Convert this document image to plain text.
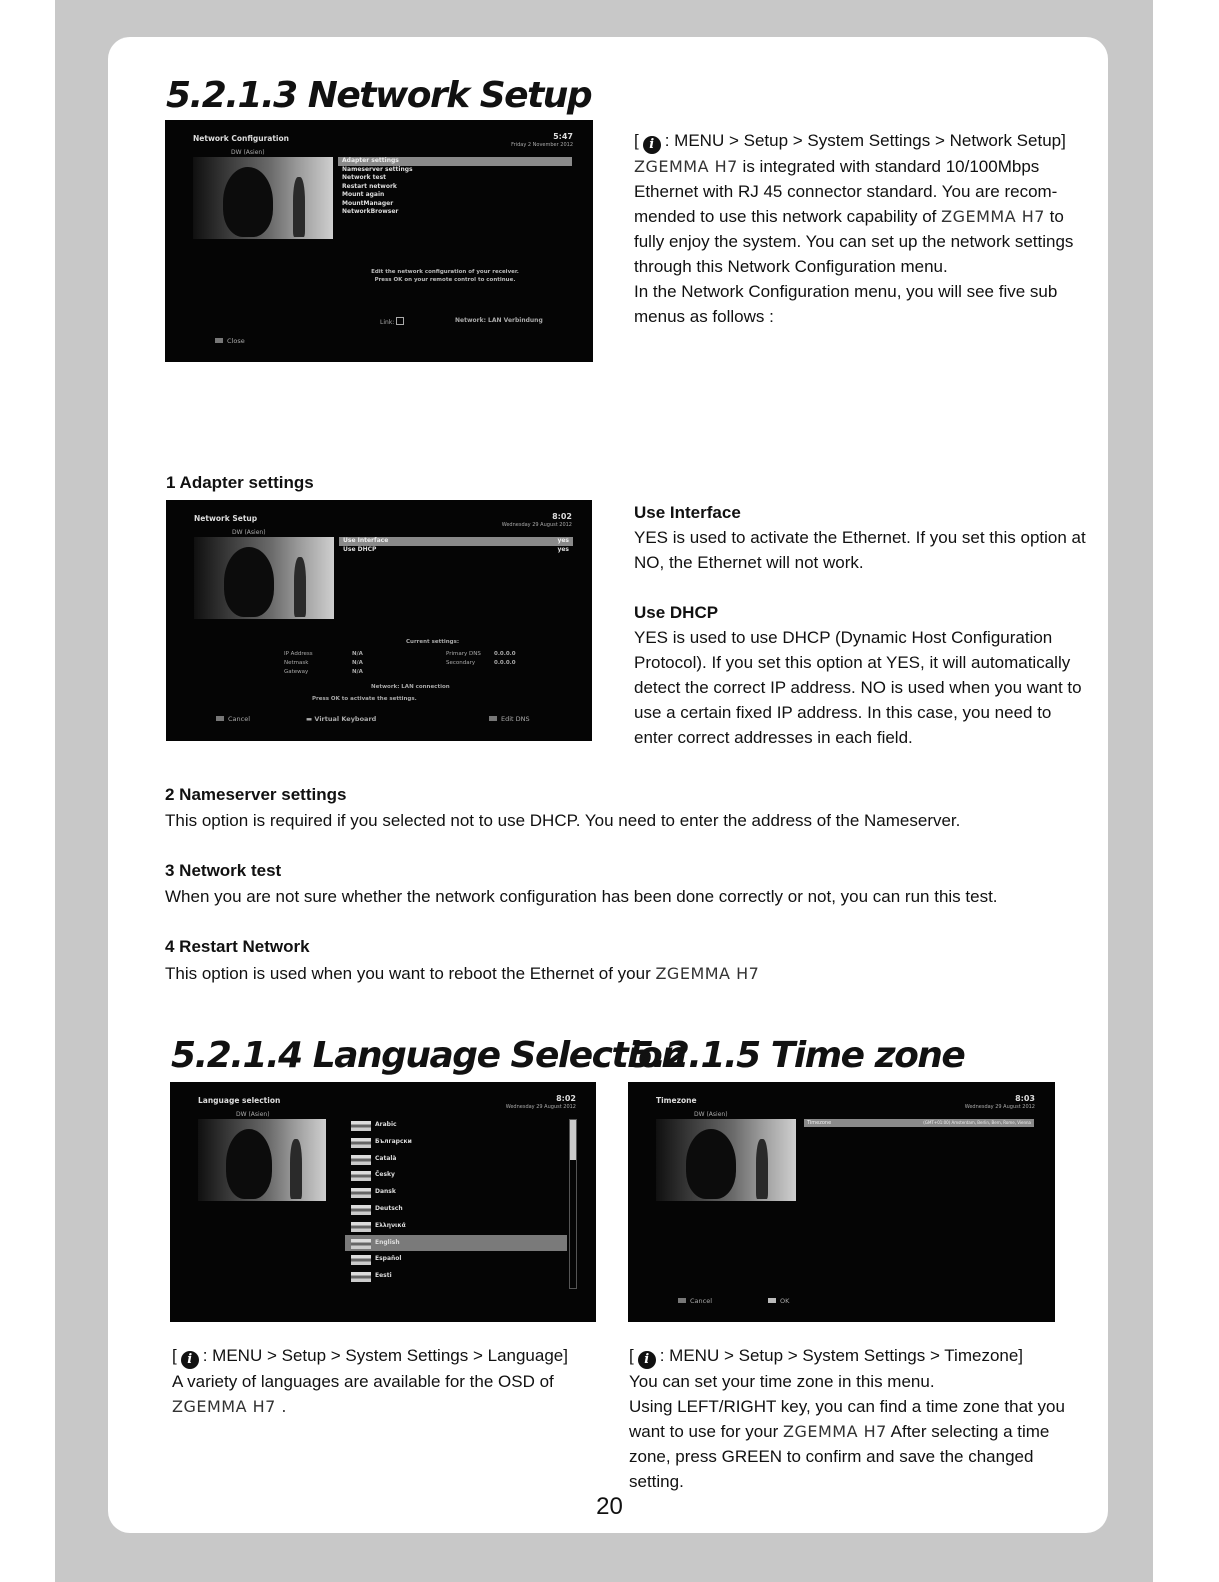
5.2.1.3 Network Setup
Network Configuration
DW (Asien)
5:47
Friday 2 November 2012
Adapter settings
Nameserver settings
Network test
Restart network
Mount again
MountManager
NetworkBrowser
Edit the network configuration of your receiver.
Press OK on your remote control to continue.
Link:	Network: LAN Verbindung
Close

[ i : MENU > Setup > System Settings > Network Setup]

ZGEMMA H7 is integrated with standard 10/100Mbps Ethernet with RJ 45 connector standard. You are recom-mended to use this network capability of ZGEMMA H7 to fully enjoy the system. You can set up the network settings through this Network Configuration menu.

In the Network Configuration menu, you will see five sub menus as follows :

1 Adapter settings
Network Setup
DW (Asien)
8:02
Wednesday 29 August 2012
Use Interface	yes
Use DHCP	yes
Current settings:
IP Address	N/A
Netmask	N/A
Gateway	N/A
Primary DNS 0.0.0.0
Secondary	0.0.0.0
Network: LAN connection
Press OK to activate the settings.
Cancel	▬ Virtual Keyboard	Edit DNS

Use Interface

YES is used to activate the Ethernet. If you set this option at NO, the Ethernet will not work.

Use DHCP

YES is used to use DHCP (Dynamic Host Configuration Protocol). If you set this option at YES, it will automatically detect the correct IP address. NO is used when you want to use a certain fixed IP address. In this case, you need to enter correct addresses in each field.

2 Nameserver settings
This option is required if you selected not to use DHCP. You need to enter the address of the Nameserver.
3 Network test
When you are not sure whether the network configuration has been done correctly or not, you can run this test.
4 Restart Network
This option is used when you want to reboot the Ethernet of your ZGEMMA H7
5.2.1.4 Language Selection
Language selection
DW (Asien)
8:02
Wednesday 29 August 2012
Arabic
Български
Català
Česky
Dansk
Deutsch
Ελληνικά
English
Español
Eesti

[ i : MENU > Setup > System Settings > Language]

A variety of languages are available for the OSD of

ZGEMMA H7 .

5.2.1.5 Time zone
Timezone
DW (Asien)
8:03
Wednesday 29 August 2012
Timezone	(GMT+01:00) Amsterdam, Berlin, Bern, Rome, Vienna
Cancel	OK

[ i : MENU > Setup > System Settings > Timezone]

You can set your time zone in this menu.

Using LEFT/RIGHT key, you can find a time zone that you want to use for your ZGEMMA H7 After selecting a time zone, press GREEN to confirm and save the changed setting.

20
